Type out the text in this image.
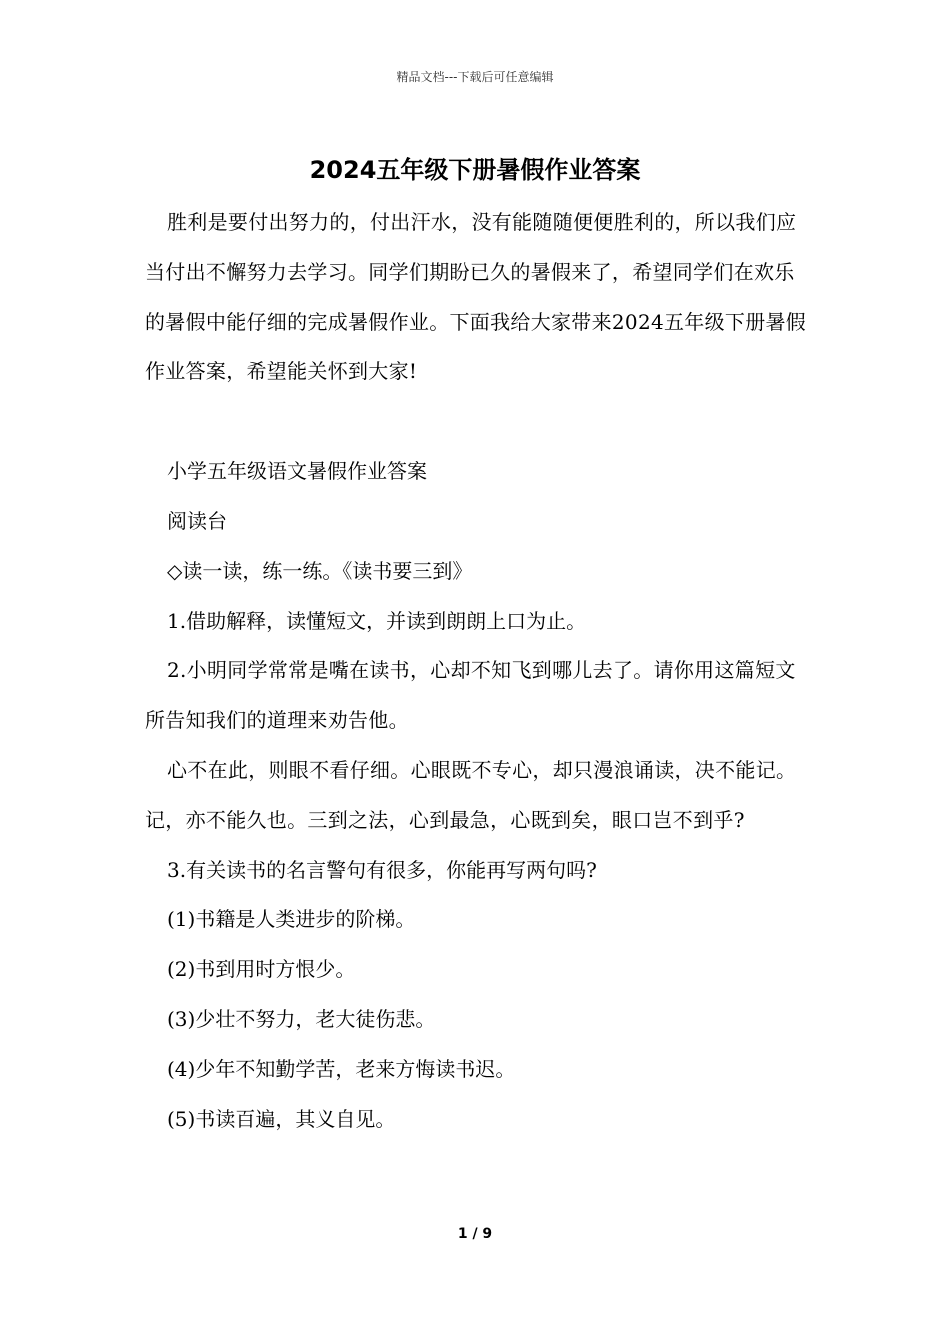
精品文档---下载后可任意编辑
2024五年级下册暑假作业答案

胜利是要付出努力的，付出汗水，没有能随随便便胜利的，所以我们应当付出不懈努力去学习。同学们期盼已久的暑假来了，希望同学们在欢乐的暑假中能仔细的完成暑假作业。下面我给大家带来2024五年级下册暑假作业答案，希望能关怀到大家!

小学五年级语文暑假作业答案

阅读台

◇读一读，练一练。《读书要三到》

1.借助解释，读懂短文，并读到朗朗上口为止。

2.小明同学常常是嘴在读书，心却不知飞到哪儿去了。请你用这篇短文所告知我们的道理来劝告他。

心不在此，则眼不看仔细。心眼既不专心，却只漫浪诵读，决不能记。记，亦不能久也。三到之法，心到最急，心既到矣，眼口岂不到乎?

3.有关读书的名言警句有很多，你能再写两句吗?

(1)书籍是人类进步的阶梯。

(2)书到用时方恨少。

(3)少壮不努力，老大徒伤悲。

(4)少年不知勤学苦，老来方悔读书迟。

(5)书读百遍，其义自见。

1 / 9
